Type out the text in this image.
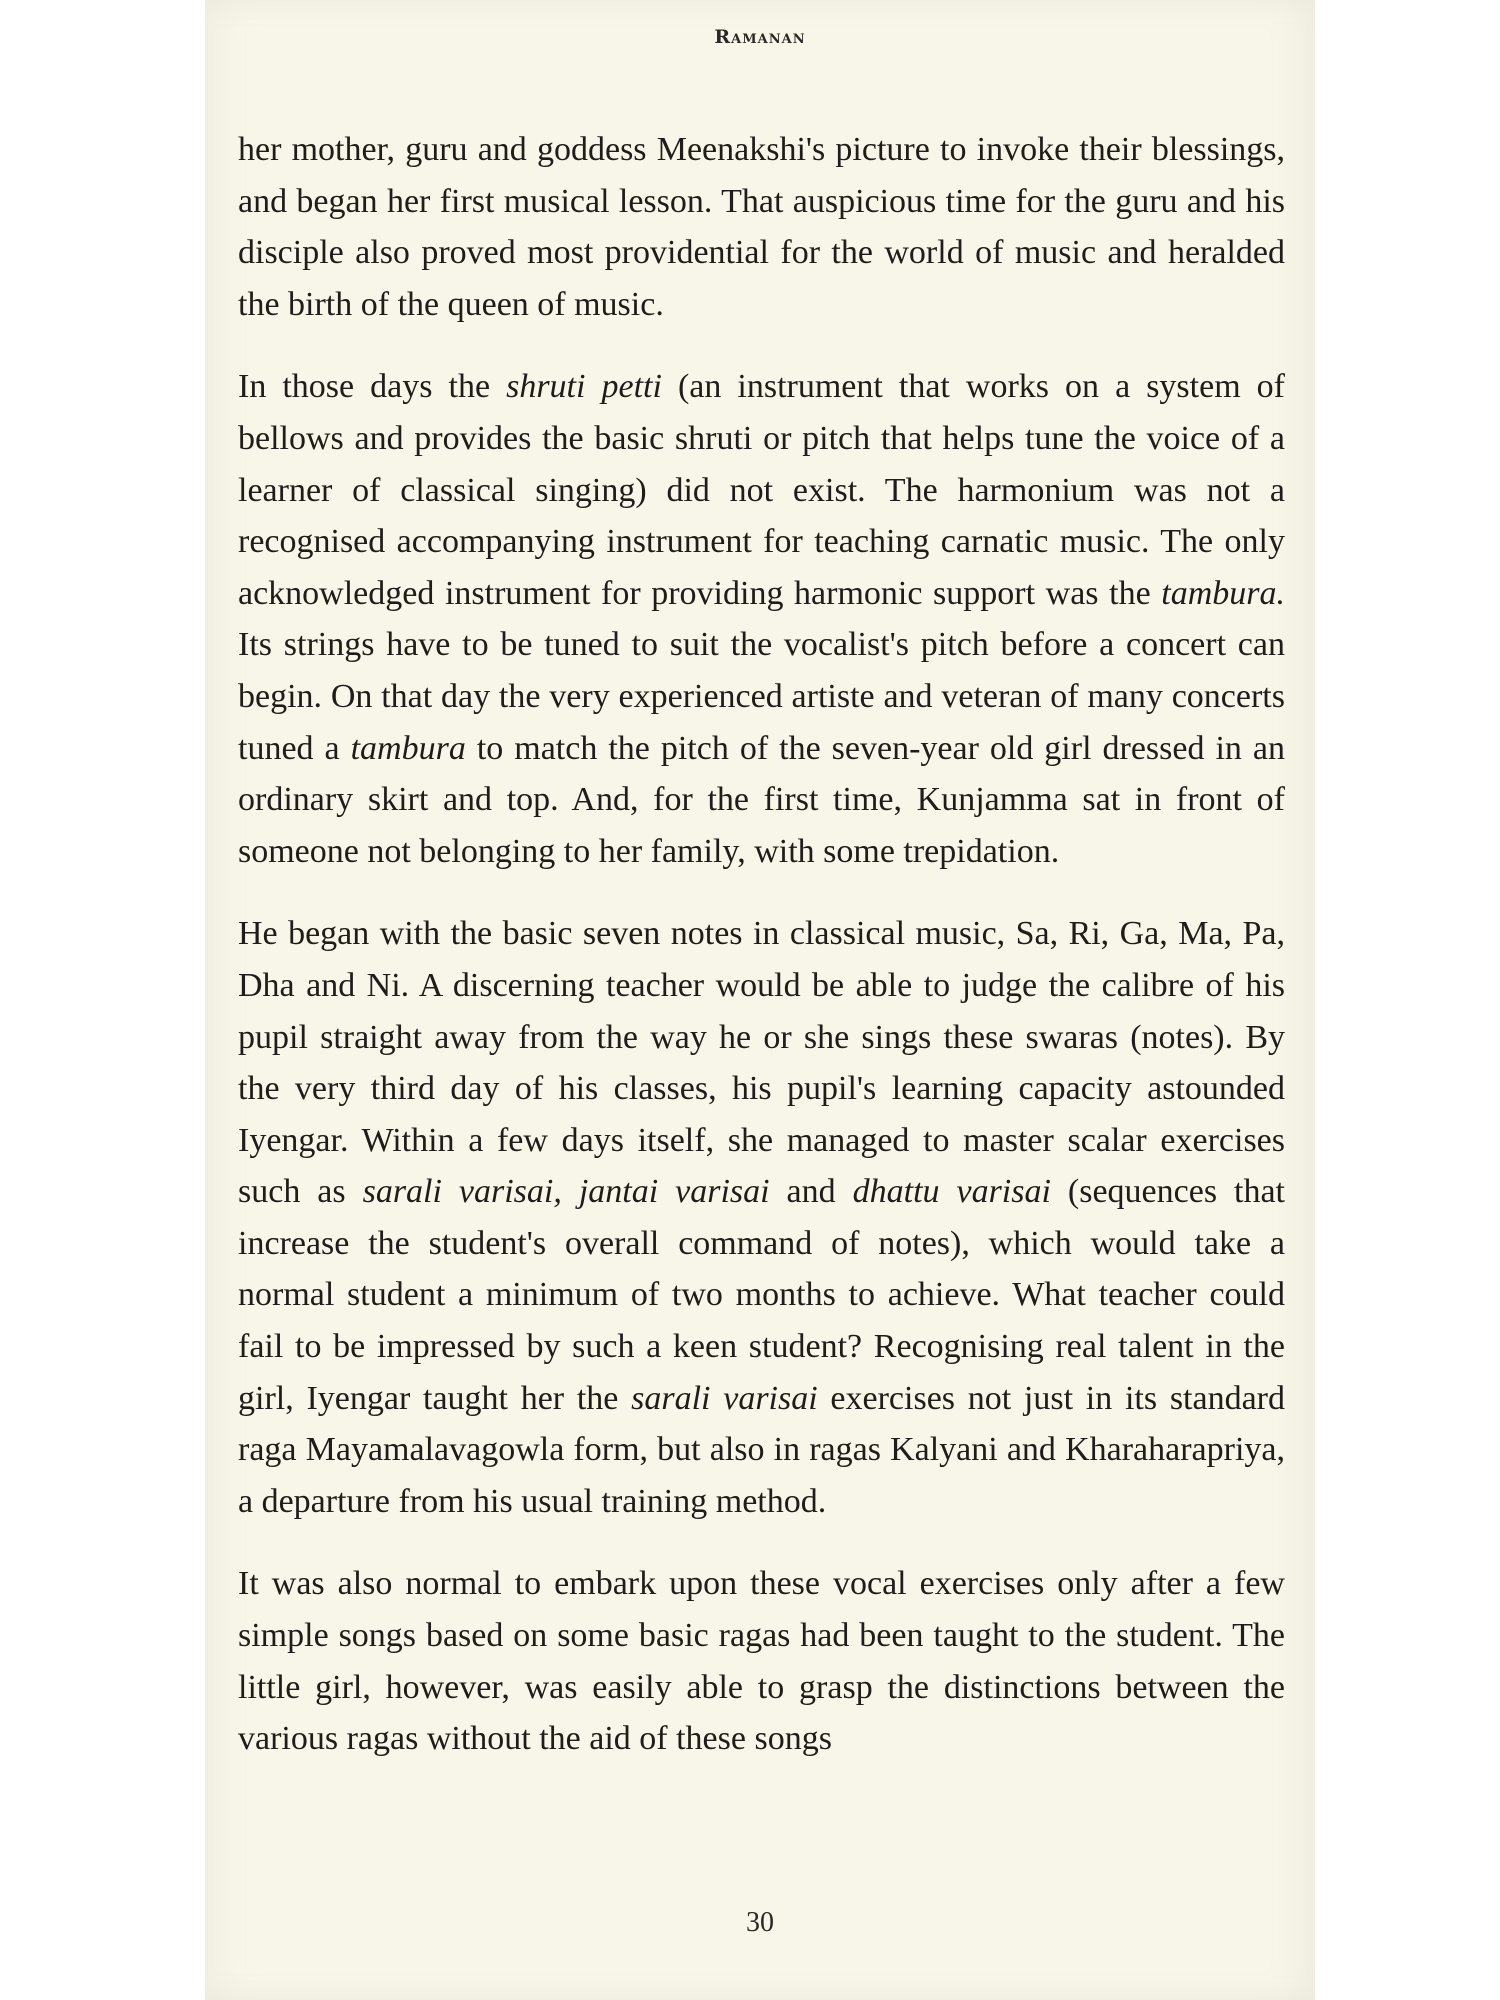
Ramanan

her mother, guru and goddess Meenakshi's picture to invoke their blessings, and began her first musical lesson. That auspicious time for the guru and his disciple also proved most providential for the world of music and heralded the birth of the queen of music.

In those days the shruti petti (an instrument that works on a system of bellows and provides the basic shruti or pitch that helps tune the voice of a learner of classical singing) did not exist. The harmonium was not a recognised accompanying instrument for teaching carnatic music. The only acknowledged instrument for providing harmonic support was the tambura. Its strings have to be tuned to suit the vocalist's pitch before a concert can begin. On that day the very experienced artiste and veteran of many concerts tuned a tambura to match the pitch of the seven-year old girl dressed in an ordinary skirt and top. And, for the first time, Kunjamma sat in front of someone not belonging to her family, with some trepidation.

He began with the basic seven notes in classical music, Sa, Ri, Ga, Ma, Pa, Dha and Ni. A discerning teacher would be able to judge the calibre of his pupil straight away from the way he or she sings these swaras (notes). By the very third day of his classes, his pupil's learning capacity astounded Iyengar. Within a few days itself, she managed to master scalar exercises such as sarali varisai, jantai varisai and dhattu varisai (sequences that increase the student's overall command of notes), which would take a normal student a minimum of two months to achieve. What teacher could fail to be impressed by such a keen student? Recognising real talent in the girl, Iyengar taught her the sarali varisai exercises not just in its standard raga Mayamalavagowla form, but also in ragas Kalyani and Kharaharapriya, a departure from his usual training method.

It was also normal to embark upon these vocal exercises only after a few simple songs based on some basic ragas had been taught to the student. The little girl, however, was easily able to grasp the distinctions between the various ragas without the aid of these songs

30
